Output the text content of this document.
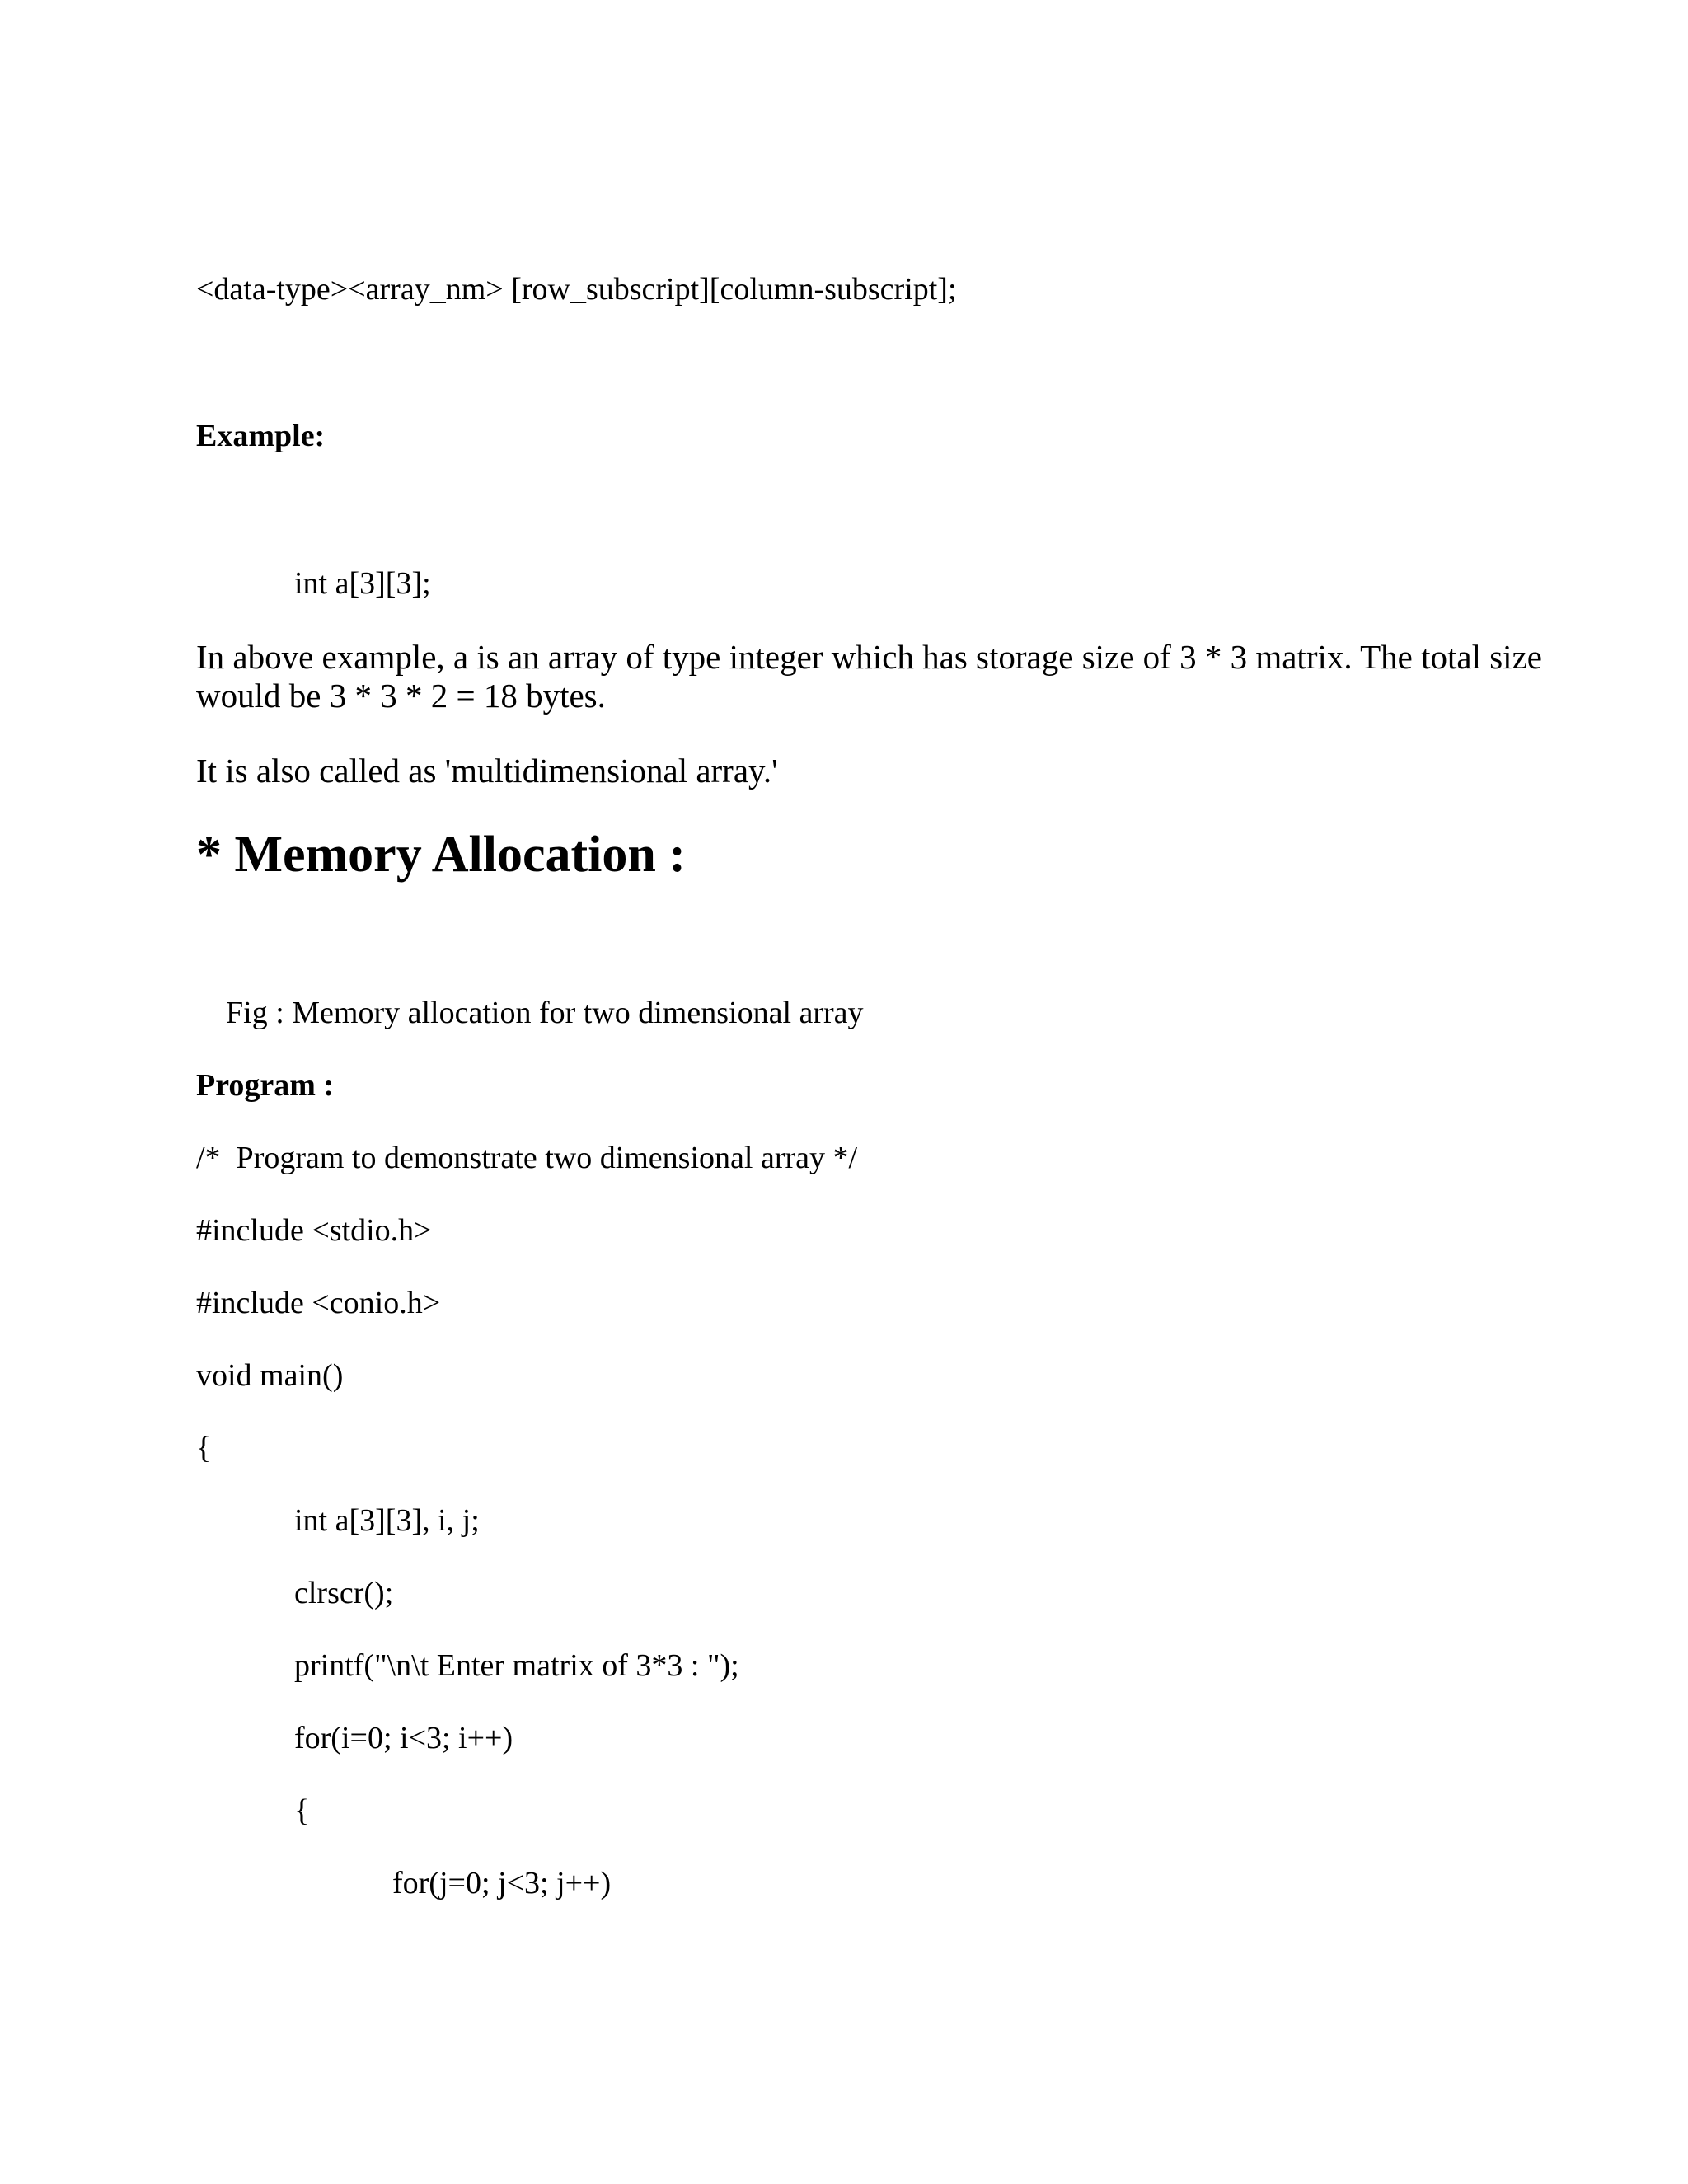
<data-type><array_nm> [row_subscript][column-subscript];

Example:

int a[3][3];

In above example, a is an array of type integer which has storage size of 3 * 3 matrix. The total size would be 3 * 3 * 2 = 18 bytes.

It is also called as 'multidimensional array.'

* Memory Allocation :

Fig : Memory allocation for two dimensional array

Program :

/*  Program to demonstrate two dimensional array */

#include <stdio.h>

#include <conio.h>

void main()

{

int a[3][3], i, j;

clrscr();

printf("\n\t Enter matrix of 3*3 : ");

for(i=0; i<3; i++)

{

for(j=0; j<3; j++)
